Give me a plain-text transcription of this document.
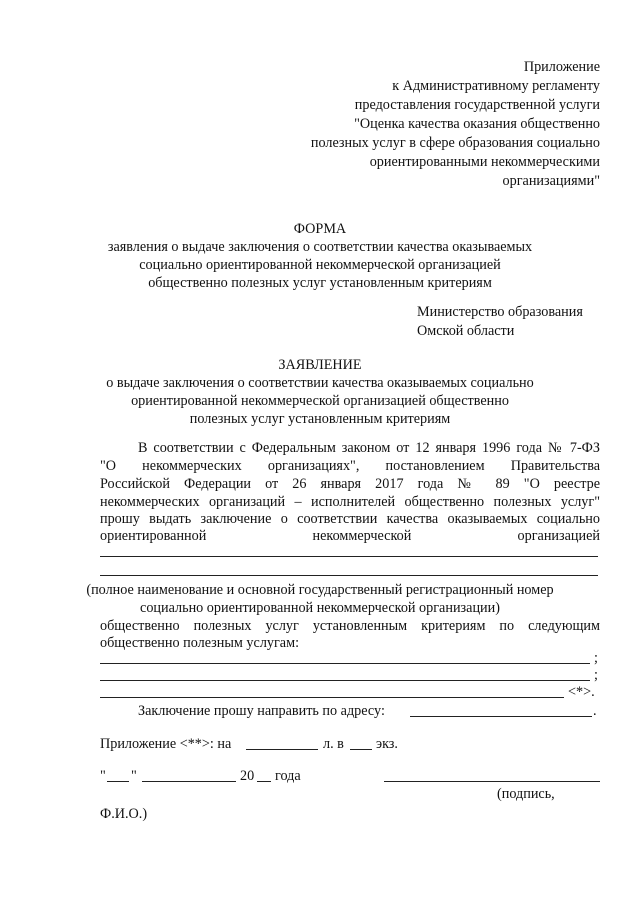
Приложение
к Административному регламенту
предоставления государственной услуги
"Оценка качества оказания общественно
полезных услуг в сфере образования социально
ориентированными некоммерческими
организациями"
ФОРМА
заявления о выдаче заключения о соответствии качества оказываемых
социально ориентированной некоммерческой организацией
общественно полезных услуг установленным критериям
Министерство образования
Омской области
ЗАЯВЛЕНИЕ
о выдаче заключения о соответствии качества оказываемых социально
ориентированной некоммерческой организацией общественно
полезных услуг установленным критериям
В соответствии с Федеральным законом от 12 января 1996 года № 7-ФЗ
"О некоммерческих организациях", постановлением Правительства
Российской Федерации от 26 января 2017 года № 89 "О реестре
некоммерческих организаций – исполнителей общественно полезных услуг"
прошу выдать заключение о соответствии качества оказываемых социально
ориентированной некоммерческой организацией
(полное наименование и основной государственный регистрационный номер
социально ориентированной некоммерческой организации)
общественно полезных услуг установленным критериям по следующим
общественно полезным услугам:
;
;
<*>.
Заключение прошу направить по адресу:	.
Приложение <**>: на	л. в экз.
" "	20 года
(подпись,
Ф.И.О.)
